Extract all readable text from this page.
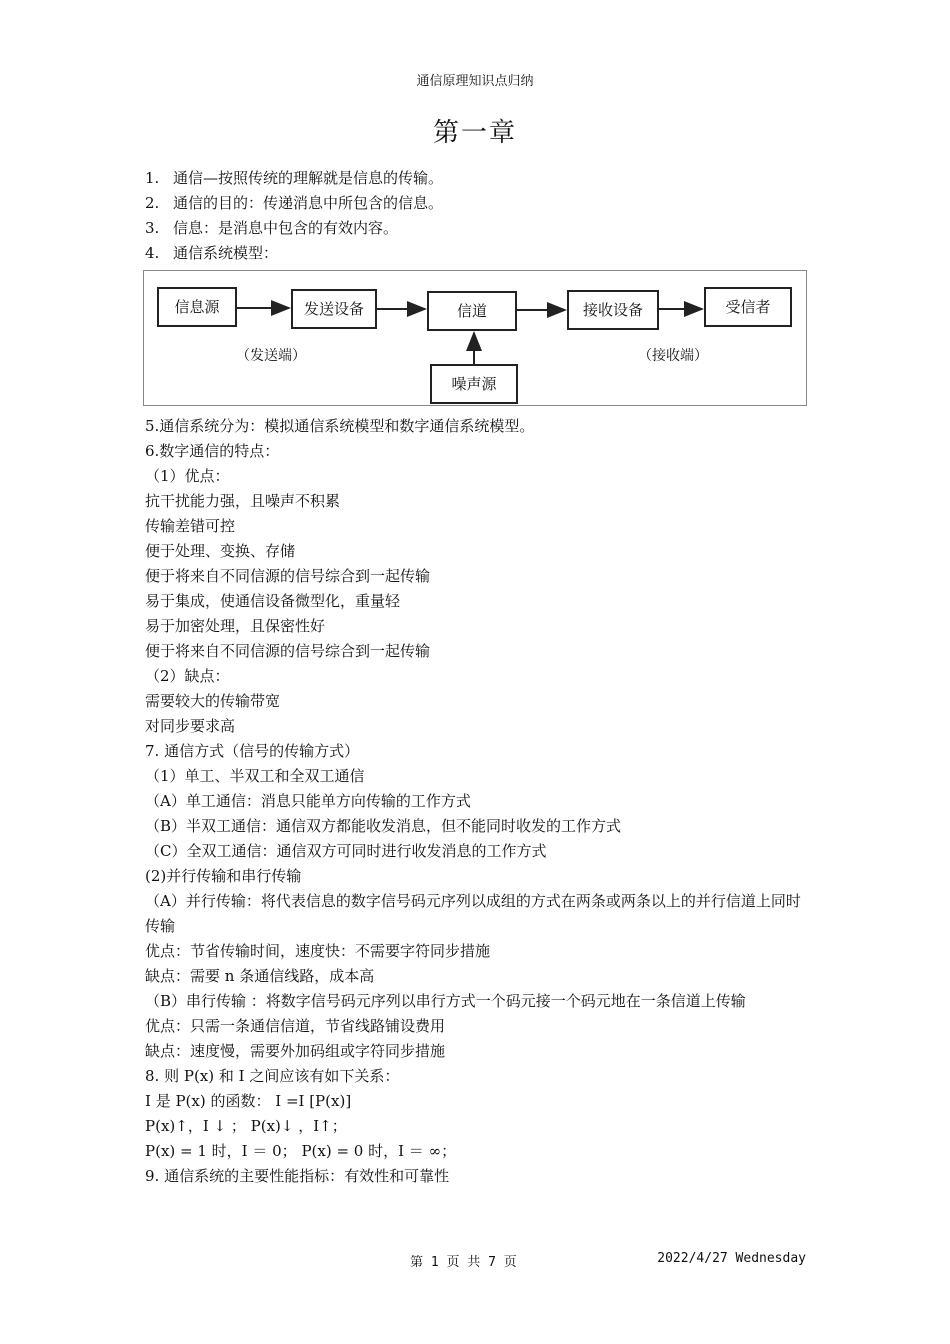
通信原理知识点归纳
第一章
1. 通信—按照传统的理解就是信息的传输。
2. 通信的目的：传递消息中所包含的信息。
3. 信息：是消息中包含的有效内容。
4. 通信系统模型：
信息源	发送设备	信道	接收设备	受信者
噪声源
（发送端）	（接收端）
5.通信系统分为：模拟通信系统模型和数字通信系统模型。
6.数字通信的特点：
（1）优点：
抗干扰能力强，且噪声不积累
传输差错可控
便于处理、变换、存储
便于将来自不同信源的信号综合到一起传输
易于集成，使通信设备微型化，重量轻
易于加密处理，且保密性好
便于将来自不同信源的信号综合到一起传输
（2）缺点：
需要较大的传输带宽
对同步要求高
7. 通信方式（信号的传输方式）
（1）单工、半双工和全双工通信
（A）单工通信：消息只能单方向传输的工作方式
（B）半双工通信：通信双方都能收发消息，但不能同时收发的工作方式
（C）全双工通信：通信双方可同时进行收发消息的工作方式
(2)并行传输和串行传输
（A）并行传输：将代表信息的数字信号码元序列以成组的方式在两条或两条以上的并行信道上同时传输
优点：节省传输时间，速度快：不需要字符同步措施
缺点：需要 n 条通信线路，成本高
（B）串行传输 ：将数字信号码元序列以串行方式一个码元接一个码元地在一条信道上传输
优点：只需一条通信信道，节省线路铺设费用
缺点：速度慢，需要外加码组或字符同步措施
8. 则 P(x) 和 I 之间应该有如下关系：
I 是 P(x) 的函数： I =I [P(x)]
P(x)↑，I ↓ ； P(x)↓ ，I↑；
P(x) = 1 时，I ＝ 0； P(x) = 0 时，I ＝ ∞；
9. 通信系统的主要性能指标：有效性和可靠性
第 1 页 共 7 页	2022/4/27 Wednesday
